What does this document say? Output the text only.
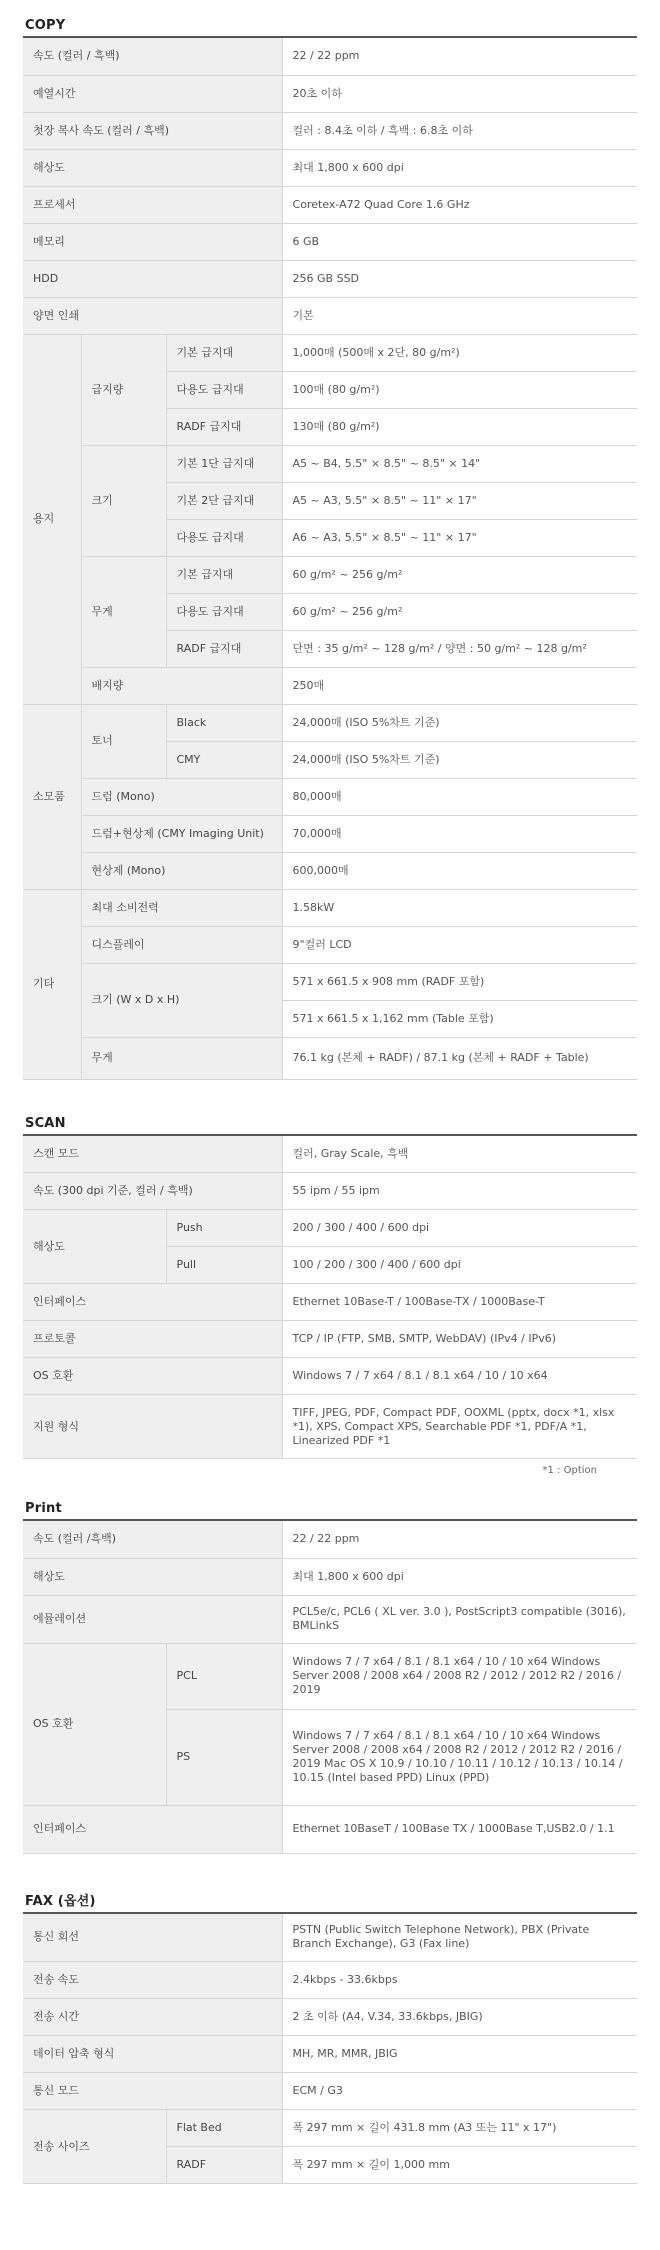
COPY
속도 (컬러 / 흑백)			22 / 22 ppm
예열시간			20초 이하
첫장 복사 속도 (컬러 / 흑백)			컬러 : 8.4초 이하 / 흑백 : 6.8초 이하
해상도			최대 1,800 x 600 dpi
프로세서			Coretex-A72 Quad Core 1.6 GHz
메모리			6 GB
HDD			256 GB SSD
양면 인쇄			기본
용지	급지량	기본 급지대	1,000매 (500매 x 2단, 80 g/m²)
		다용도 급지대	100매 (80 g/m²)
		RADF 급지대	130매 (80 g/m²)
	크기	기본 1단 급지대	A5 ~ B4, 5.5" × 8.5" ~ 8.5" × 14"
		기본 2단 급지대	A5 ~ A3, 5.5" × 8.5" ~ 11" × 17"
		다용도 급지대	A6 ~ A3, 5.5" × 8.5" ~ 11" × 17"
	무게	기본 급지대	60 g/m² ~ 256 g/m²
		다용도 급지대	60 g/m² ~ 256 g/m²
		RADF 급지대	단면 : 35 g/m² ~ 128 g/m² / 양면 : 50 g/m² ~ 128 g/m²
	배지량		250매
소모품	토너	Black	24,000매 (ISO 5%차트 기준)
		CMY	24,000매 (ISO 5%차트 기준)
	드럼 (Mono)		80,000매
	드럼+현상제 (CMY Imaging Unit)		70,000매
	현상제 (Mono)		600,000매
기타	최대 소비전력		1.58kW
	디스플레이		9"컬러 LCD
	크기 (W x D x H)		571 x 661.5 x 908 mm (RADF 포함)
			571 x 661.5 x 1,162 mm (Table 포함)
	무게		76.1 kg (본체 + RADF) / 87.1 kg (본체 + RADF + Table)
SCAN
스캔 모드		컬러, Gray Scale, 흑백
속도 (300 dpi 기준, 컬러 / 흑백)		55 ipm / 55 ipm
해상도	Push	200 / 300 / 400 / 600 dpi
	Pull	100 / 200 / 300 / 400 / 600 dpi
인터페이스		Ethernet 10Base-T / 100Base-TX / 1000Base-T
프로토콜		TCP / IP (FTP, SMB, SMTP, WebDAV) (IPv4 / IPv6)
OS 호환		Windows 7 / 7 x64 / 8.1 / 8.1 x64 / 10 / 10 x64
지원 형식		TIFF, JPEG, PDF, Compact PDF, OOXML (pptx, docx *1, xlsx *1), XPS, Compact XPS, Searchable PDF *1, PDF/A *1, Linearized PDF *1
*1 : Option
Print
속도 (컬러 /흑백)		22 / 22 ppm
해상도		최대 1,800 x 600 dpi
에뮬레이션		PCL5e/c, PCL6 ( XL ver. 3.0 ), PostScript3 compatible (3016), BMLinkS
OS 호환	PCL	Windows 7 / 7 x64 / 8.1 / 8.1 x64 / 10 / 10 x64 Windows Server 2008 / 2008 x64 / 2008 R2 / 2012 / 2012 R2 / 2016 / 2019
	PS	Windows 7 / 7 x64 / 8.1 / 8.1 x64 / 10 / 10 x64 Windows Server 2008 / 2008 x64 / 2008 R2 / 2012 / 2012 R2 / 2016 / 2019 Mac OS X 10.9 / 10.10 / 10.11 / 10.12 / 10.13 / 10.14 / 10.15 (Intel based PPD) Linux (PPD)
인터페이스		Ethernet 10BaseT / 100Base TX / 1000Base T,USB2.0 / 1.1
FAX (옵션)
통신 회선		PSTN (Public Switch Telephone Network), PBX (Private Branch Exchange), G3 (Fax line)
전송 속도		2.4kbps - 33.6kbps
전송 시간		2 초 이하 (A4, V.34, 33.6kbps, JBIG)
데이터 압축 형식		MH, MR, MMR, JBIG
통신 모드		ECM / G3
전송 사이즈	Flat Bed	폭 297 mm × 길이 431.8 mm (A3 또는 11" x 17")
	RADF	폭 297 mm × 길이 1,000 mm
